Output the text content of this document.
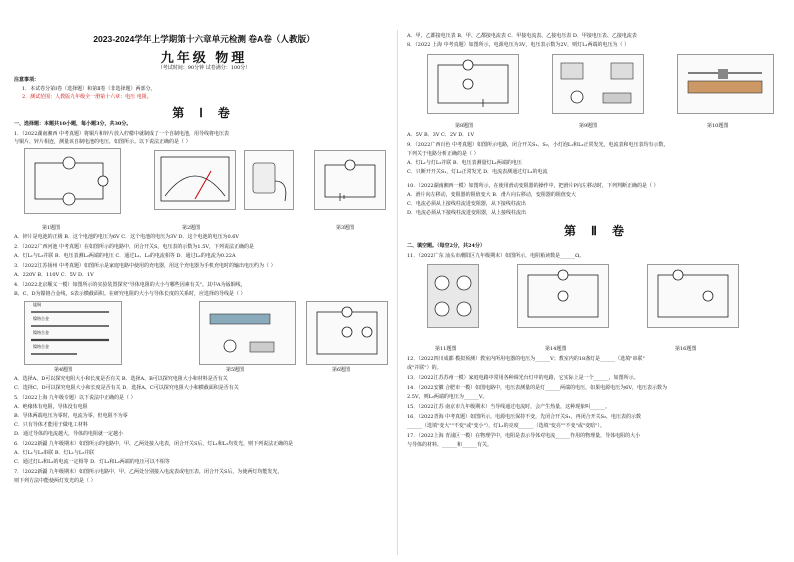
2023-2024学年上学期第十六章单元检测 卷A卷（人教版）
九年级 物理
（考试时间：90分钟 试卷满分：100分）
注意事项：
1．本试卷分第Ⅰ卷（选择题）和第Ⅱ卷（非选择题）两部分。
2．测试范围：人教版九年级全一册第十六章：电压 电阻。
第 Ⅰ 卷
一、选择题：本题共10小题，每小题3分，共30分。
1．（2022湖南湘西 中考真题）将铜片和锌片放入柠檬中就制成了一个自制电池，用导线将电压表
与铜片、锌片相连，测量该自制电池的电压，如图所示。以下说法正确的是（ ）
第1题图	第2题图	第3题图
A．锌片是电池的正极 B．这个电池的电压为6V C．这个电池的电压为3V D．这个电池的电压为0.6V
2．（2022广西河池 中考真题）在如图所示的电路中，闭合开关S，电压表的示数为1.5V，下列说法正确的是
A．灯L₁与L₂并联 B．电压表测L₂两端的电压 C．通过L₁、L₂的电流相等 D．通过L₁的电流为0.22A
3．（2022江苏扬州 中考真题）如图所示是家庭电路中使用的充电器，用这个充电器为手机充电时的输出电压约为（ ）
A．220V B．110V C．5V D．1V
4．（2022北京顺义一模）如图所示的实验装置探究"导体电阻的大小与哪些因素有关"。其中A为锰铜线，
B、C、D为镍铬合金线，S表示横截面积。在研究电阻的大小与导体长度的关系时，应选择的导线是（ ）
锰铜
镍铬合金
镍铬合金
镍铬合金
第4题图	第5题图	第6题图
A．选择A、D可以探究电阻大小和长度是否有关 B．选择A、B可以探究电阻大小和材料是否有关
C．选择C、D可以探究电阻大小和长度是否有关 D．选择A、C可以探究电阻大小和横截面积是否有关
5．（2022上海 九年级专题）以下说法中正确的是（ ）
A．绝缘体有电阻，导体没有电阻
B．导体两端电压为零时，电流为零，但电阻不为零
C．只有导体才能用于做电工材料
D．通过导体的电流越大，导体的电阻就一定越小
6．（2022新疆 九年级期末）如图所示的电路中，甲、乙两处接入电表，闭合开关S后，灯L₁和L₂均发光，则下列说法正确的是
A．灯L₁与L₂串联 B．灯L₁与L₂并联
C．通过灯L₁和L₂的电流一定相等 D．灯L₁和L₂两端的电压可以不相等
7．（2022新疆 九年级期末）如图所示电路中，甲、乙两处分别接入电流表或电压表，闭合开关S后，为使两灯均能发光，
则下列方法中能使两灯发光的是（ ）
A．甲、乙都接电压表 B．甲、乙都接电流表 C．甲接电流表、乙接电压表 D．甲接电压表、乙接电流表
8．（2022 上海 中考真题）如图所示，电源电压为3V，电压表示数为2V，则灯L₁两端的电压为（ ）
第8题图	第9题图	第10题图
A．5V B．3V C．2V D．1V
9．（2022广西百色 中考真题）如图所示电路，闭合开关S₁、S₂，小灯泡L₁和L₂正常发光，电流表和电压表均有示数，
下列关于电路分析正确的是（ ）
A．灯L₁与灯L₂并联 B．电压表测量灯L₁两端的电压
C．只断开开关S₁，灯L₂正常发光 D．电流表测通过灯L₁的电流
10．（2022湖南湘西一模）如图所示，在使用滑动变阻器的操作中，把滑片P向左移动时，下列判断正确的是（ ）
A．滑片向左移动，变阻器的阻值变大 B．滑片向右移动，变阻器的阻值变大
C．电流必须从上接线柱流进变阻器，从下接线柱流出
D．电流必须从下接线柱流进变阻器，从上接线柱流出
第 Ⅱ 卷
二、填空题。（每空2分，共24分）
11．（2022广东 汕头市潮阳区九年级期末）如图所示，电阻箱读数是______Ω。
第11题图	第14题图	第16题图
12．（2022四川成都 模拟预测）教室内所用电器的电压为______V；教室内的18盏灯是______（选填"串联"
或"并联"）的。
13．（2022江苏苏州一模）家庭电路中常用各种调光台灯中的电路，它实际上是一个______，如图所示。
14．（2022安徽 合肥市一模）如图电路中，电压表测量的是灯______两端的电压，如果电源电压为6V，电压表示数为
2.5V，则L₂两端的电压为______V。
15．（2022江苏 南京市九年级期末）当导线通过电流时，会产生热量，这种现象叫______。
16．（2022青海 中考真题）如图所示，电源电压保持不变，先闭合开关S₁，再闭合开关S₂，电压表的示数
______（选填"变大""不变"或"变小"），灯L₁的亮度______（选填"变亮""不变"或"变暗"）。
17．（2022上海 青浦区一模）在物理学中，电阻是表示导体对电流______作用的物理量，导体电阻的大小
与导体的材料、______和______有关。
